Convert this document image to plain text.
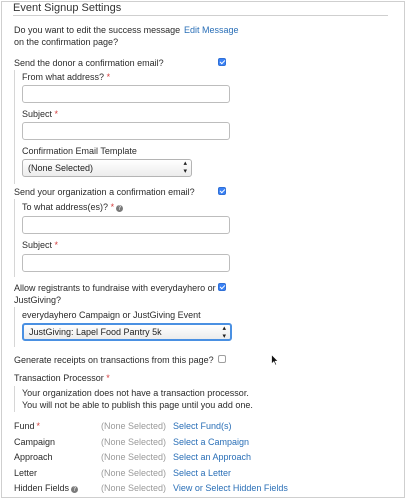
Event Signup Settings
Do you want to edit the success message
on the confirmation page?
Edit Message
Send the donor a confirmation email?
From what address? *
Subject *
Confirmation Email Template
(None Selected)	▴
▾
Send your organization a confirmation email?
To what address(es)? * ?
Subject *
Allow registrants to fundraise with everydayhero or
JustGiving?
everydayhero Campaign or JustGiving Event
JustGiving: Lapel Food Pantry 5k	▴
▾
Generate receipts on transactions from this page?
Transaction Processor *
Your organization does not have a transaction processor.
You will not be able to publish this page until you add one.
Fund *	(None Selected) Select Fund(s)
Campaign	(None Selected) Select a Campaign
Approach	(None Selected) Select an Approach
Letter	(None Selected) Select a Letter
Hidden Fields ?	(None Selected) View or Select Hidden Fields
